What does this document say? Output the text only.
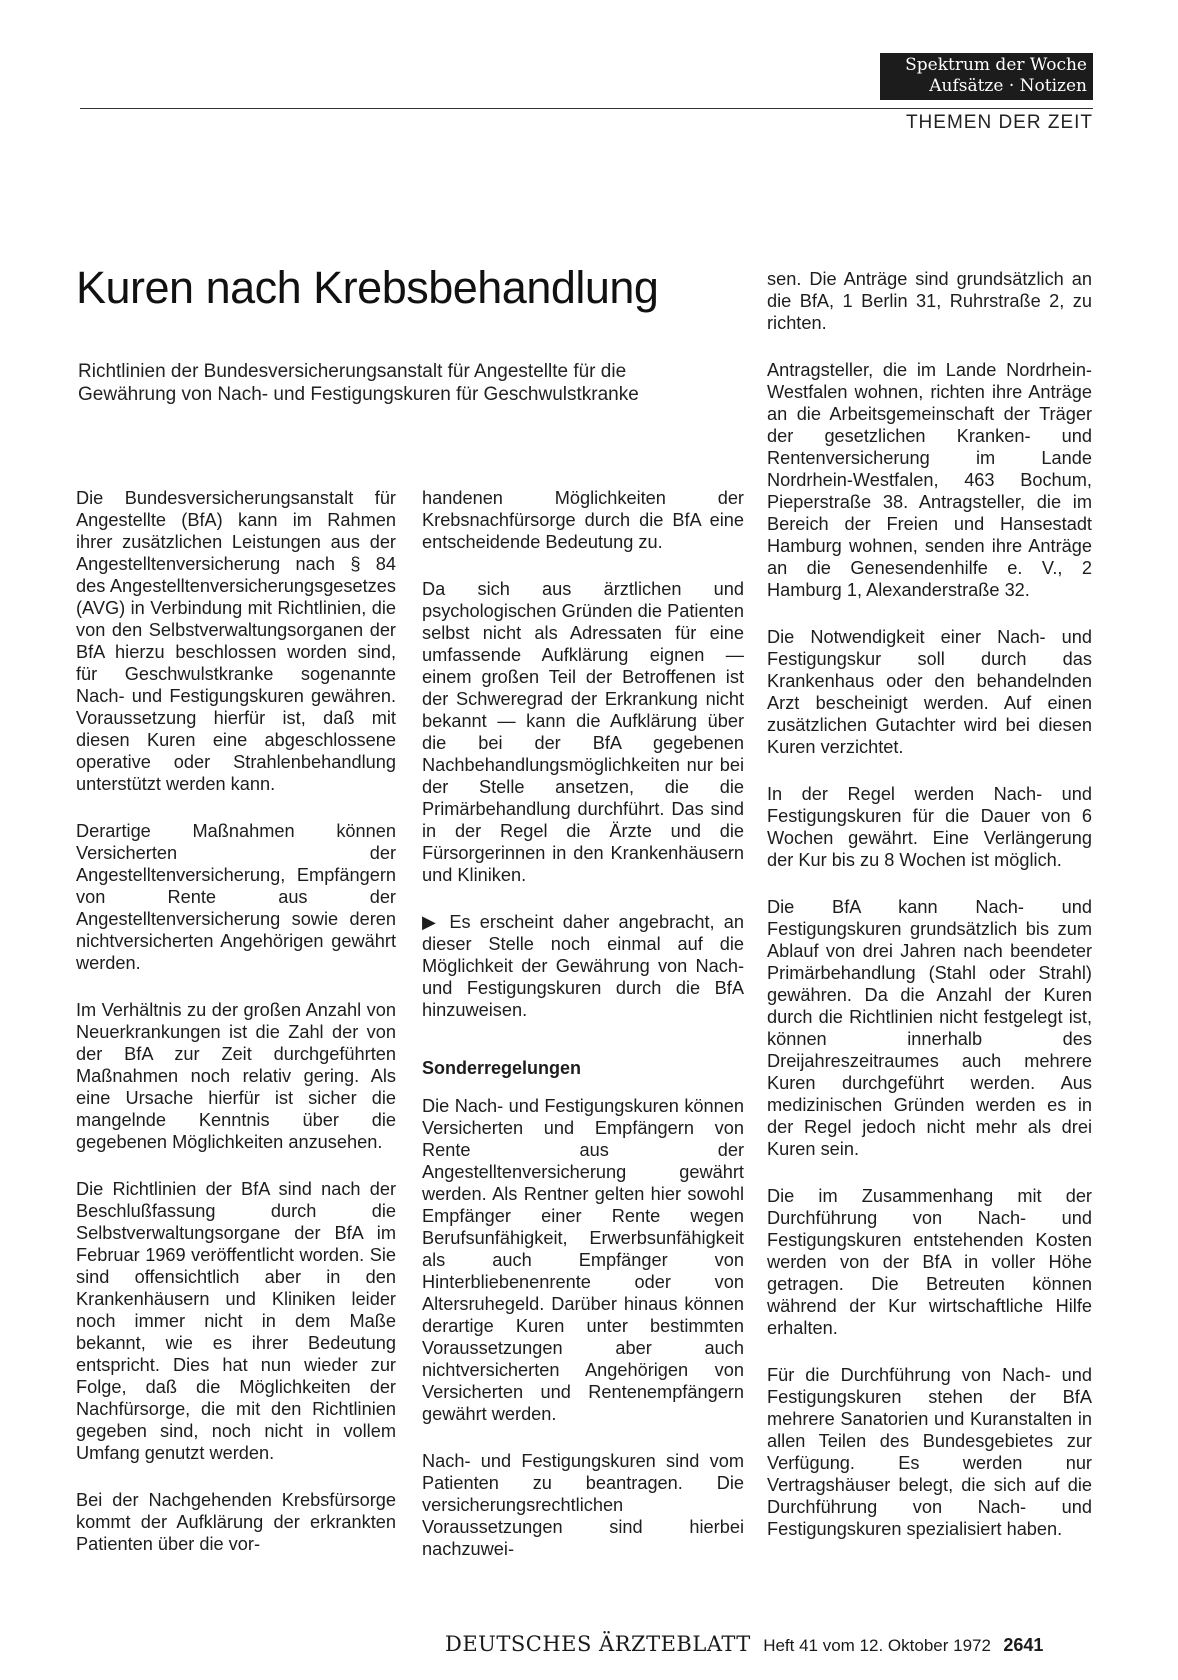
Spektrum der Woche
Aufsätze · Notizen
THEMEN DER ZEIT
Kuren nach Krebsbehandlung
Richtlinien der Bundesversicherungsanstalt für Angestellte für die Gewährung von Nach- und Festigungskuren für Geschwulstkranke

Die Bundesversicherungsanstalt für Angestellte (BfA) kann im Rahmen ihrer zusätzlichen Leistungen aus der Angestelltenversicherung nach § 84 des Angestelltenversicherungsgesetzes (AVG) in Verbindung mit Richtlinien, die von den Selbstverwaltungsorganen der BfA hierzu beschlossen worden sind, für Geschwulstkranke sogenannte Nach- und Festigungskuren gewähren. Voraussetzung hierfür ist, daß mit diesen Kuren eine abgeschlossene operative oder Strahlenbehandlung unterstützt werden kann.

Derartige Maßnahmen können Versicherten der Angestelltenversicherung, Empfängern von Rente aus der Angestelltenversicherung sowie deren nichtversicherten Angehörigen gewährt werden.

Im Verhältnis zu der großen Anzahl von Neuerkrankungen ist die Zahl der von der BfA zur Zeit durchgeführten Maßnahmen noch relativ gering. Als eine Ursache hierfür ist sicher die mangelnde Kenntnis über die gegebenen Möglichkeiten anzusehen.

Die Richtlinien der BfA sind nach der Beschlußfassung durch die Selbstverwaltungsorgane der BfA im Februar 1969 veröffentlicht worden. Sie sind offensichtlich aber in den Krankenhäusern und Kliniken leider noch immer nicht in dem Maße bekannt, wie es ihrer Bedeutung entspricht. Dies hat nun wieder zur Folge, daß die Möglichkeiten der Nachfürsorge, die mit den Richtlinien gegeben sind, noch nicht in vollem Umfang genutzt werden.

Bei der Nachgehenden Krebsfürsorge kommt der Aufklärung der erkrankten Patienten über die vor-

handenen Möglichkeiten der Krebsnachfürsorge durch die BfA eine entscheidende Bedeutung zu.

Da sich aus ärztlichen und psychologischen Gründen die Patienten selbst nicht als Adressaten für eine umfassende Aufklärung eignen — einem großen Teil der Betroffenen ist der Schweregrad der Erkrankung nicht bekannt — kann die Aufklärung über die bei der BfA gegebenen Nachbehandlungsmöglichkeiten nur bei der Stelle ansetzen, die die Primärbehandlung durchführt. Das sind in der Regel die Ärzte und die Fürsorgerinnen in den Krankenhäusern und Kliniken.

▶ Es erscheint daher angebracht, an dieser Stelle noch einmal auf die Möglichkeit der Gewährung von Nach- und Festigungskuren durch die BfA hinzuweisen.

Sonderregelungen

Die Nach- und Festigungskuren können Versicherten und Empfängern von Rente aus der Angestelltenversicherung gewährt werden. Als Rentner gelten hier sowohl Empfänger einer Rente wegen Berufsunfähigkeit, Erwerbsunfähigkeit als auch Empfänger von Hinterbliebenenrente oder von Altersruhegeld. Darüber hinaus können derartige Kuren unter bestimmten Voraussetzungen aber auch nichtversicherten Angehörigen von Versicherten und Rentenempfängern gewährt werden.

Nach- und Festigungskuren sind vom Patienten zu beantragen. Die versicherungsrechtlichen Voraussetzungen sind hierbei nachzuwei-

sen. Die Anträge sind grundsätzlich an die BfA, 1 Berlin 31, Ruhrstraße 2, zu richten.

Antragsteller, die im Lande Nordrhein-Westfalen wohnen, richten ihre Anträge an die Arbeitsgemeinschaft der Träger der gesetzlichen Kranken- und Rentenversicherung im Lande Nordrhein-Westfalen, 463 Bochum, Pieperstraße 38. Antragsteller, die im Bereich der Freien und Hansestadt Hamburg wohnen, senden ihre Anträge an die Genesendenhilfe e. V., 2 Hamburg 1, Alexanderstraße 32.

Die Notwendigkeit einer Nach- und Festigungskur soll durch das Krankenhaus oder den behandelnden Arzt bescheinigt werden. Auf einen zusätzlichen Gutachter wird bei diesen Kuren verzichtet.

In der Regel werden Nach- und Festigungskuren für die Dauer von 6 Wochen gewährt. Eine Verlängerung der Kur bis zu 8 Wochen ist möglich.

Die BfA kann Nach- und Festigungskuren grundsätzlich bis zum Ablauf von drei Jahren nach beendeter Primärbehandlung (Stahl oder Strahl) gewähren. Da die Anzahl der Kuren durch die Richtlinien nicht festgelegt ist, können innerhalb des Dreijahreszeitraumes auch mehrere Kuren durchgeführt werden. Aus medizinischen Gründen werden es in der Regel jedoch nicht mehr als drei Kuren sein.

Die im Zusammenhang mit der Durchführung von Nach- und Festigungskuren entstehenden Kosten werden von der BfA in voller Höhe getragen. Die Betreuten können während der Kur wirtschaftliche Hilfe erhalten.

Für die Durchführung von Nach- und Festigungskuren stehen der BfA mehrere Sanatorien und Kuranstalten in allen Teilen des Bundesgebietes zur Verfügung. Es werden nur Vertragshäuser belegt, die sich auf die Durchführung von Nach- und Festigungskuren spezialisiert haben.

DEUTSCHES ÄRZTEBLATT Heft 41 vom 12. Oktober 1972 2641
